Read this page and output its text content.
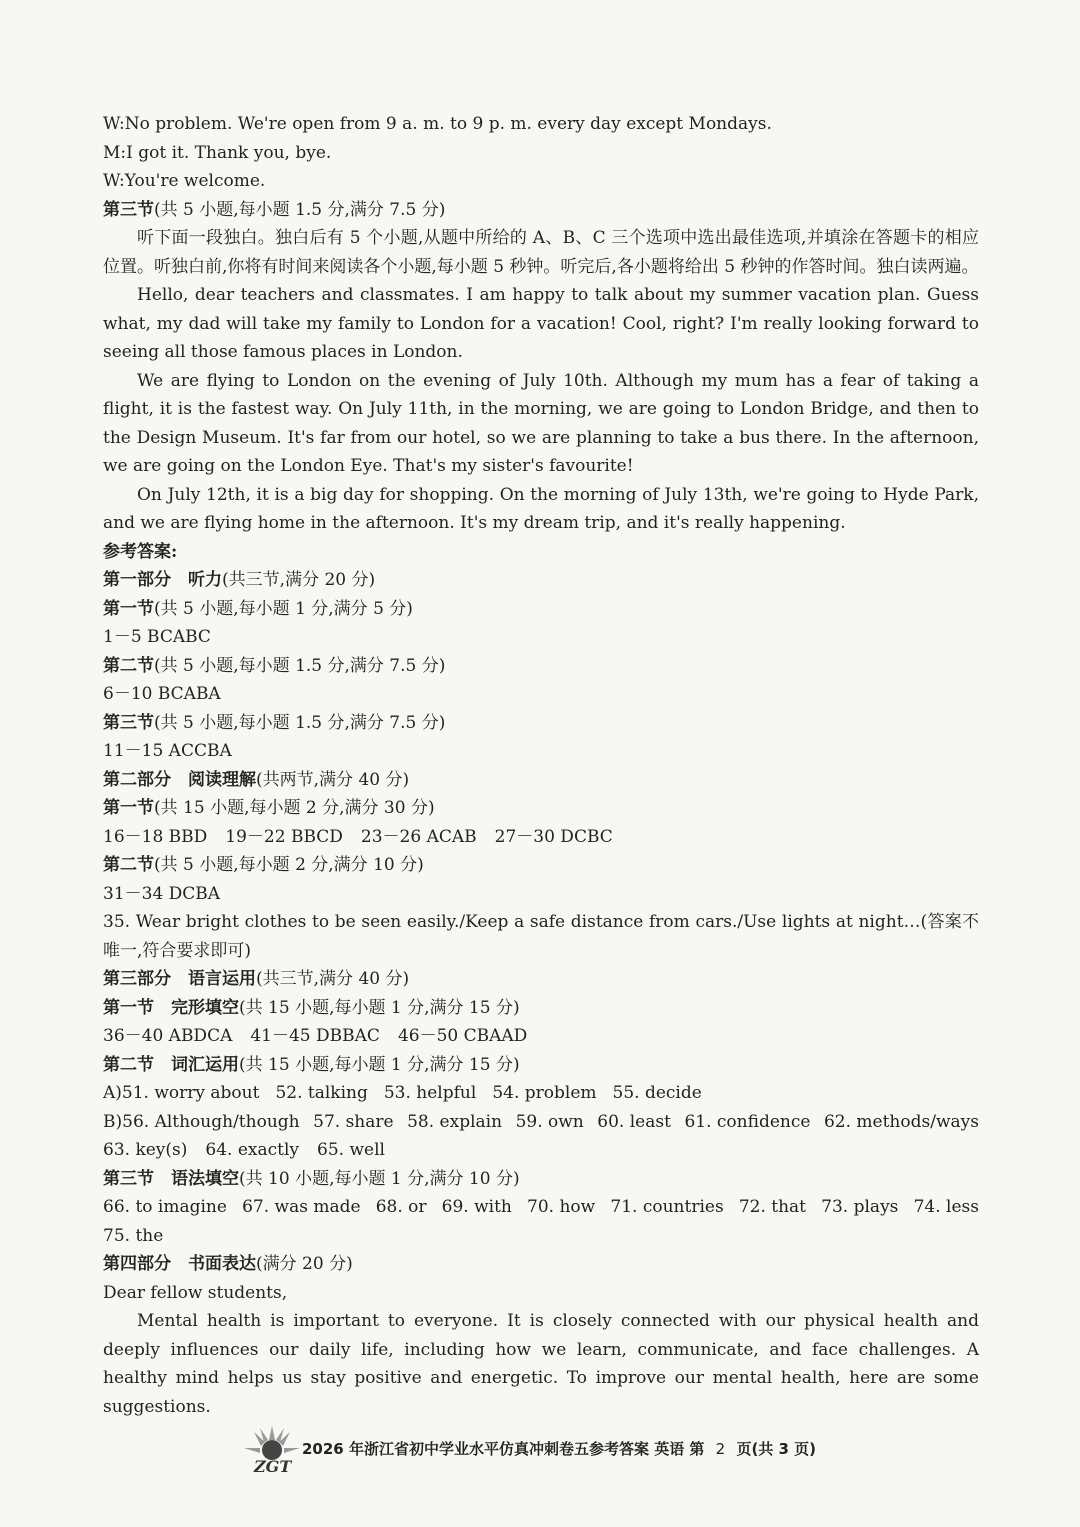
W:No problem. We're open from 9 a. m. to 9 p. m. every day except Mondays.
M:I got it. Thank you, bye.
W:You're welcome.
第三节(共 5 小题,每小题 1.5 分,满分 7.5 分)
听下面一段独白。独白后有 5 个小题,从题中所给的 A、B、C 三个选项中选出最佳选项,并填涂在答题卡的相应位置。听独白前,你将有时间来阅读各个小题,每小题 5 秒钟。听完后,各小题将给出 5 秒钟的作答时间。独白读两遍。
Hello, dear teachers and classmates. I am happy to talk about my summer vacation plan. Guess what, my dad will take my family to London for a vacation! Cool, right? I'm really looking forward to seeing all those famous places in London.
We are flying to London on the evening of July 10th. Although my mum has a fear of taking a flight, it is the fastest way. On July 11th, in the morning, we are going to London Bridge, and then to the Design Museum. It's far from our hotel, so we are planning to take a bus there. In the afternoon, we are going on the London Eye. That's my sister's favourite!
On July 12th, it is a big day for shopping. On the morning of July 13th, we're going to Hyde Park, and we are flying home in the afternoon. It's my dream trip, and it's really happening.
参考答案:
第一部分　听力(共三节,满分 20 分)
第一节(共 5 小题,每小题 1 分,满分 5 分)
1－5 BCABC
第二节(共 5 小题,每小题 1.5 分,满分 7.5 分)
6－10 BCABA
第三节(共 5 小题,每小题 1.5 分,满分 7.5 分)
11－15 ACCBA
第二部分　阅读理解(共两节,满分 40 分)
第一节(共 15 小题,每小题 2 分,满分 30 分)
16－18 BBD 19－22 BBCD 23－26 ACAB 27－30 DCBC
第二节(共 5 小题,每小题 2 分,满分 10 分)
31－34 DCBA
35. Wear bright clothes to be seen easily./Keep a safe distance from cars./Use lights at night…(答案不唯一,符合要求即可)
第三部分　语言运用(共三节,满分 40 分)
第一节　完形填空(共 15 小题,每小题 1 分,满分 15 分)
36－40 ABDCA 41－45 DBBAC 46－50 CBAAD
第二节　词汇运用(共 15 小题,每小题 1 分,满分 15 分)
A)51. worry about 52. talking 53. helpful 54. problem 55. decide
B)56. Although/though 57. share 58. explain 59. own 60. least 61. confidence 62. methods/ways
63. key(s) 64. exactly 65. well
第三节　语法填空(共 10 小题,每小题 1 分,满分 10 分)
66. to imagine 67. was made 68. or 69. with 70. how 71. countries 72. that 73. plays 74. less
75. the
第四部分　书面表达(满分 20 分)
Dear fellow students,
Mental health is important to everyone. It is closely connected with our physical health and deeply influences our daily life, including how we learn, communicate, and face challenges. A healthy mind helps us stay positive and energetic. To improve our mental health, here are some suggestions.
ZGT
2026 年浙江省初中学业水平仿真冲刺卷五参考答案 英语 第 2 页(共 3 页)
